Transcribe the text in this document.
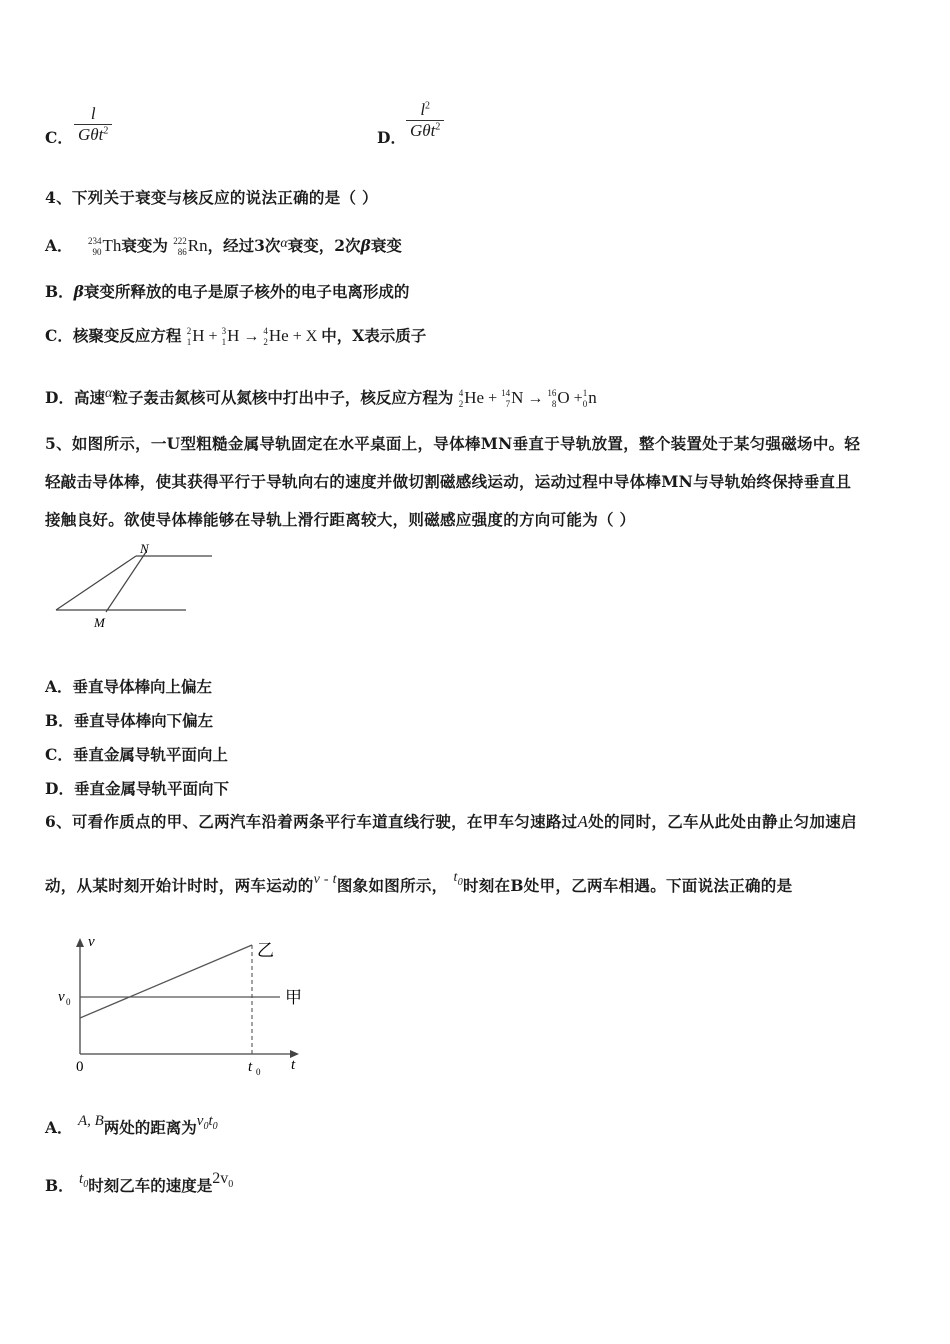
C． $\frac{l}{G\theta t^2}$	D． $\frac{l^2}{G\theta t^2}$
4、下列关于衰变与核反应的说法正确的是（ ）
A． 234
90 Th衰变为 222
86 Rn，经过3次α衰变，2次β衰变
B．β衰变所释放的电子是原子核外的电子电离形成的
C．核聚变反应方程 2
1 H + 3
1 H → 4
2 He + X 中，X表示质子
D．高速α粒子轰击氮核可从氮核中打出中子，核反应方程为 4
2 He + 14
7 N → 16
8 O + 1
0 n
5、如图所示，一U型粗糙金属导轨固定在水平桌面上，导体棒MN垂直于导轨放置，整个装置处于某匀强磁场中。轻
轻敲击导体棒，使其获得平行于导轨向右的速度并做切割磁感线运动，运动过程中导体棒MN与导轨始终保持垂直且
接触良好。欲使导体棒能够在导轨上滑行距离较大，则磁感应强度的方向可能为（ ）
N
M
A．垂直导体棒向上偏左
B．垂直导体棒向下偏左
C．垂直金属导轨平面向上
D．垂直金属导轨平面向下
6、可看作质点的甲、乙两汽车沿着两条平行车道直线行驶，在甲车匀速路过A处的同时，乙车从此处由静止匀加速启
动，从某时刻开始计时时，两车运动的v - t图象如图所示， $t_0$时刻在B处甲，乙两车相遇。下面说法正确的是
v
t
0
v 0
t 0
乙
甲
A． A, B两处的距离为$v_0t_0$
B． $t_0$时刻乙车的速度是$2v_0$
